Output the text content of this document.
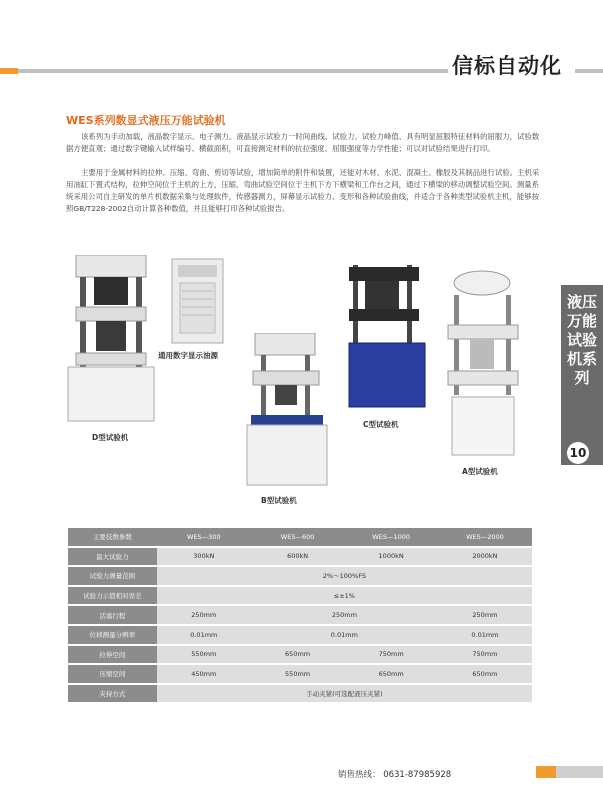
信标自动化
WES系列数显式液压万能试验机

该系列为手动加载，液晶数字显示、电子测力。液晶显示试验力一时间曲线、试验力、试验力峰值、具有明显屈服特征材料的屈服力，试验数据方便直观；通过数字键输入试样编号、横截面积，可直接测定材料的抗拉强度、屈服强度等力学性能；可以对试验结果进行打印。

主要用于金属材料的拉伸、压缩、弯曲、剪切等试验，增加简单的附件和装置，还能对木材、水泥、混凝土、橡胶及其制品进行试验。主机采用油缸下置式结构，拉伸空间位于主机的上方，压缩、弯曲试验空间位于主机下方下横梁和工作台之间，通过下横梁的移动调整试验空间。测量系统采用公司自主研发的单片机数据采集与处理软件，传感器测力，屏幕显示试验力、变形和各种试验曲线，并适合于各种类型试验机主机，能够按照GB/T228-2002自动计算各种数值，并且能够打印各种试验报告。

液压万能试验机系列
10
D型试验机
通用数字显示油源
B型试验机
C型试验机
A型试验机
主要技数参数	WES—300	WES—600	WES—1000	WES—2000
最大试验力	300kN	600kN	1000kN	2000kN
试验力测量范围	2%～100%FS			
试验力示值相对误差	≤±1%			
活塞行程	250mm	250mm		250mm
位移测量分辨率	0.01mm	0.01mm		0.01mm
拉伸空间	550mm	650mm	750mm	750mm
压缩空间	450mm	550mm	650mm	650mm
夹持方式	手动夹紧(可选配液压夹紧)			
销售热线： 0631-87985928
